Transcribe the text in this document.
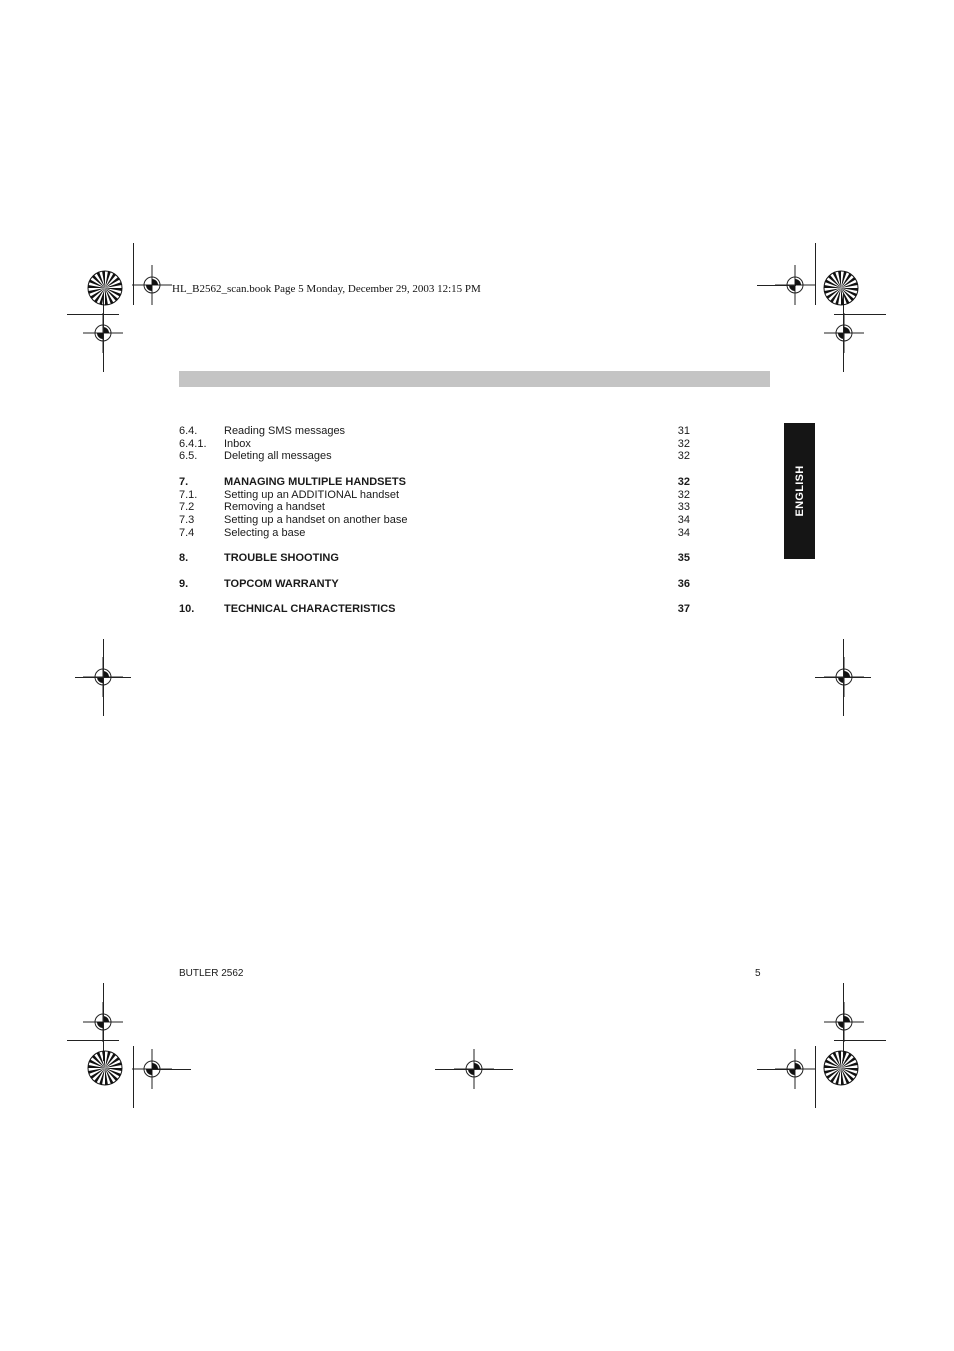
HL_B2562_scan.book Page 5 Monday, December 29, 2003 12:15 PM
ENGLISH
6.4. Reading SMS messages	31
6.4.1. Inbox	32
6.5. Deleting all messages	32
7.	MANAGING MULTIPLE HANDSETS	32
7.1. Setting up an ADDITIONAL handset	32
7.2	Removing a handset	33
7.3	Setting up a handset on another base	34
7.4	Selecting a base	34
8.	TROUBLE SHOOTING	35
9.	TOPCOM WARRANTY	36
10.	TECHNICAL CHARACTERISTICS	37
BUTLER 2562	5
